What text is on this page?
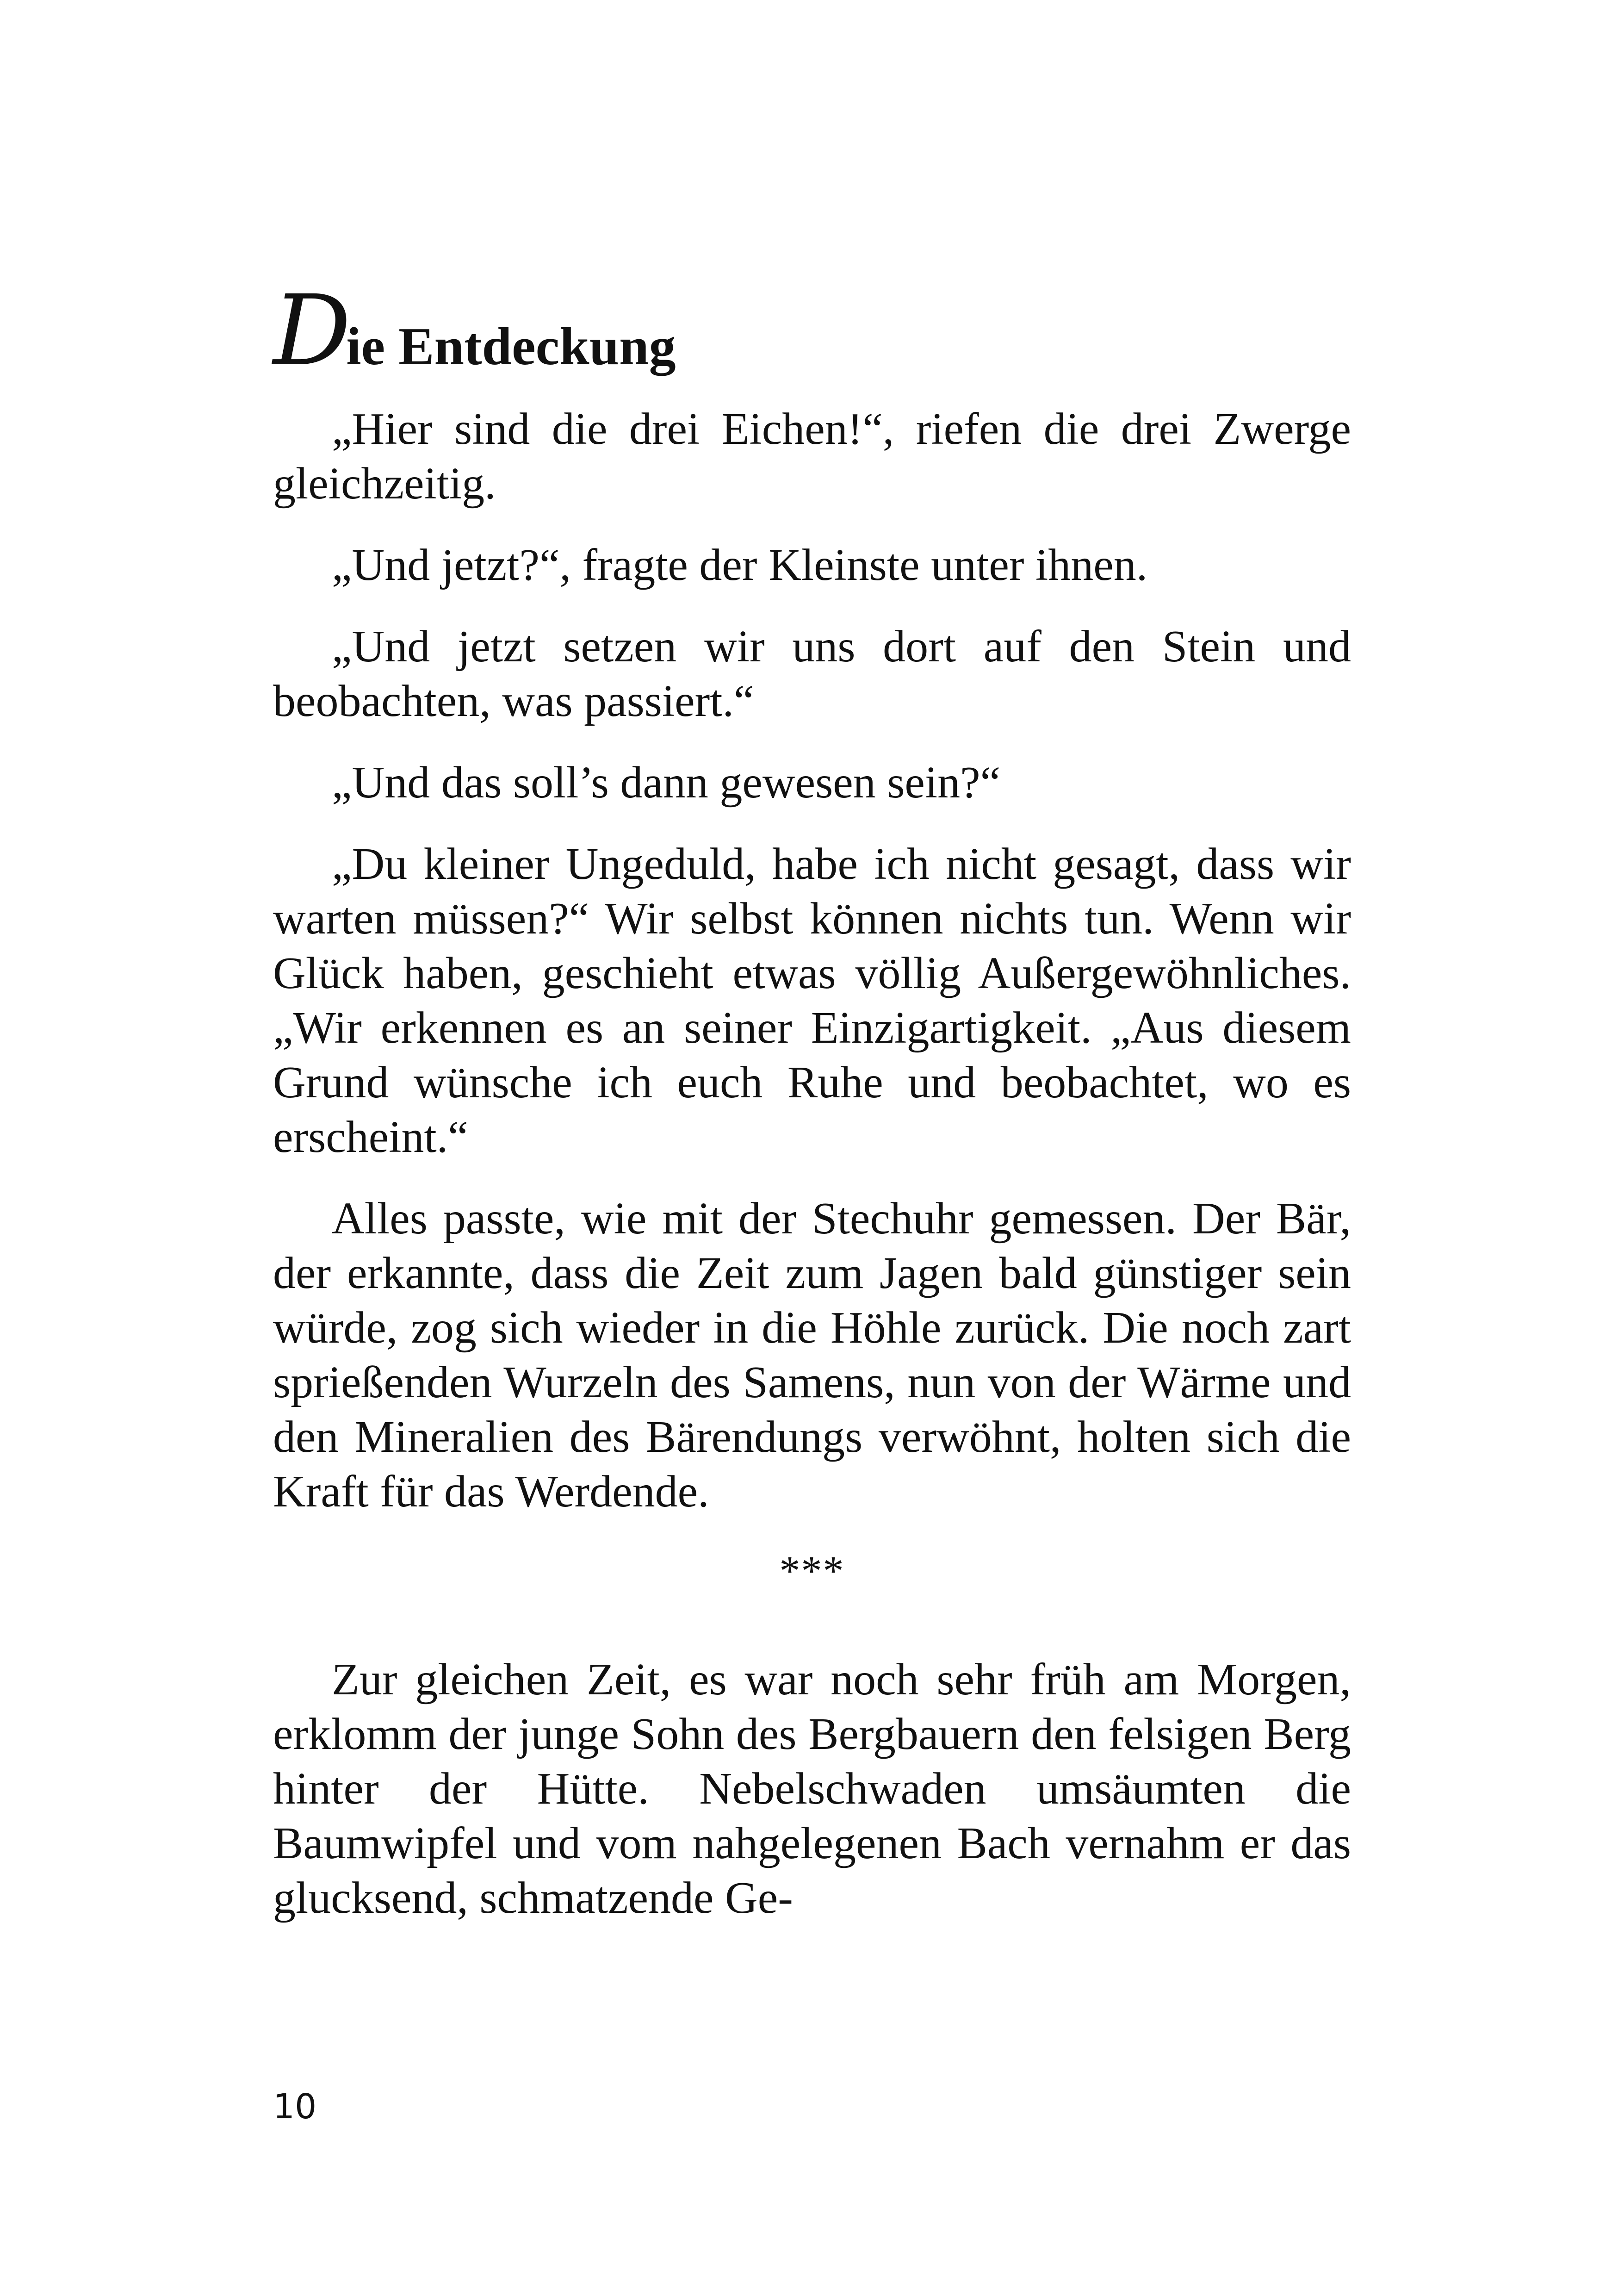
Die Entdeckung

„Hier sind die drei Eichen!“, riefen die drei Zwerge gleichzeitig.

„Und jetzt?“, fragte der Kleinste unter ihnen.

„Und jetzt setzen wir uns dort auf den Stein und beobachten, was passiert.“

„Und das soll’s dann gewesen sein?“

„Du kleiner Ungeduld, habe ich nicht gesagt, dass wir warten müssen?“ Wir selbst können nichts tun. Wenn wir Glück haben, geschieht etwas völlig Außergewöhnliches. „Wir erkennen es an seiner Einzigartigkeit. „Aus diesem Grund wünsche ich euch Ruhe und beobachtet, wo es erscheint.“

Alles passte, wie mit der Stechuhr gemessen. Der Bär, der erkannte, dass die Zeit zum Jagen bald günstiger sein würde, zog sich wieder in die Höhle zurück. Die noch zart sprießenden Wurzeln des Samens, nun von der Wärme und den Mineralien des Bärendungs verwöhnt, holten sich die Kraft für das Werdende.

***

Zur gleichen Zeit, es war noch sehr früh am Morgen, erklomm der junge Sohn des Bergbauern den felsigen Berg hinter der Hütte. Nebelschwaden umsäumten die Baumwipfel und vom nahgelegenen Bach vernahm er das glucksend, schmatzende Ge-

10
